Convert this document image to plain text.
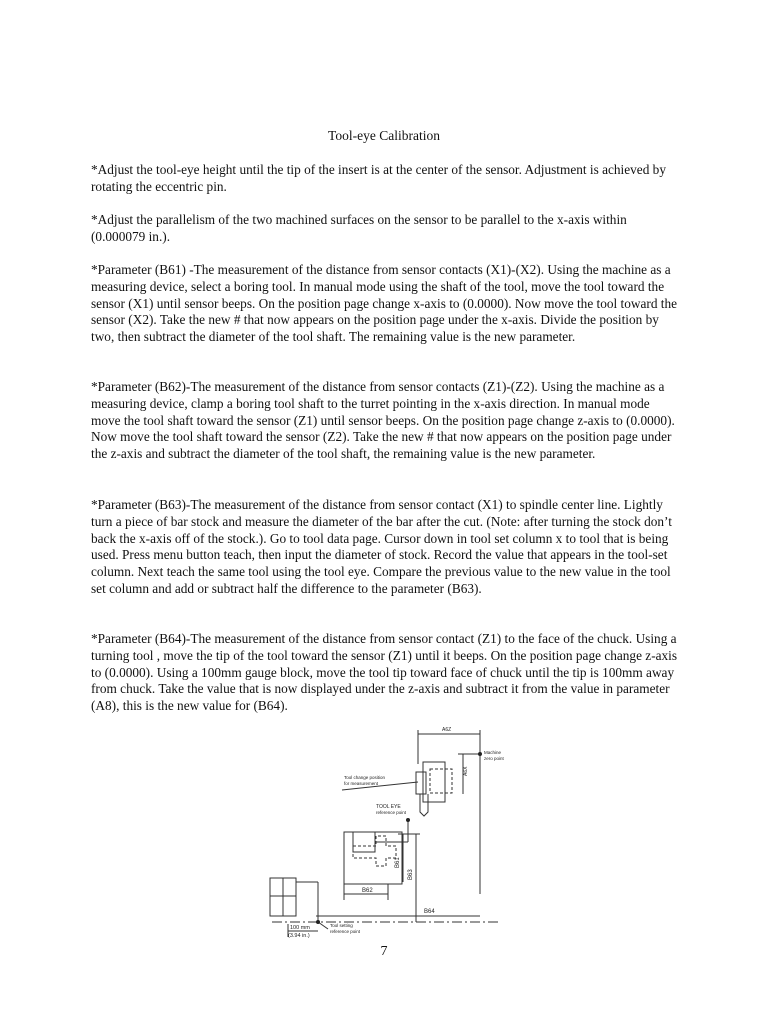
Tool-eye Calibration

*Adjust the tool-eye height until the tip of the insert is at the center of the sensor. Adjustment is achieved by rotating the eccentric pin.

*Adjust the parallelism of the two machined surfaces on the sensor to be parallel to the x-axis within (0.000079 in.).

*Parameter (B61) -The measurement of the distance from sensor contacts (X1)-(X2). Using the machine as a measuring device, select a boring tool. In manual mode using the shaft of the tool, move the tool toward the sensor (X1) until sensor beeps. On the position page change x-axis to (0.0000). Now move the tool toward the sensor (X2). Take the new # that now appears on the position page under the x-axis. Divide the position by two, then subtract the diameter of the tool shaft. The remaining value is the new parameter.

*Parameter (B62)-The measurement of the distance from sensor contacts (Z1)-(Z2). Using the machine as a measuring device, clamp a boring tool shaft to the turret pointing in the x-axis direction. In manual mode move the tool shaft toward the sensor (Z1) until sensor beeps. On the position page change z-axis to (0.0000). Now move the tool shaft toward the sensor (Z2). Take the new # that now appears on the position page under the z-axis and subtract the diameter of the tool shaft, the remaining value is the new parameter.

*Parameter (B63)-The measurement of the distance from sensor contact (X1) to spindle center line. Lightly turn a piece of bar stock and measure the diameter of the bar after the cut. (Note: after turning the stock don’t back the x-axis off of the stock.). Go to tool data page. Cursor down in tool set column x to tool that is being used. Press menu button teach, then input the diameter of stock. Record the value that appears in the tool-set column. Next teach the same tool using the tool eye. Compare the previous value to the new value in the tool set column and add or subtract half the difference to the parameter (B63).

*Parameter (B64)-The measurement of the distance from sensor contact (Z1) to the face of the chuck. Using a turning tool , move the tip of the tool toward the sensor (Z1) until it beeps. On the position page change z-axis to (0.0000). Using a 100mm gauge block, move the tool tip toward face of chuck until the tip is 100mm away from chuck. Take the value that is now displayed under the z-axis and subtract it from the value in parameter (A8), this is the new value for (B64).

A6Z
Machine
zero point
A6X
Tool change position
for measurement
TOOL EYE
reference point
B61
B63
B62
B64
Tool setting
reference point
100 mm
(3.94 in.)
7
